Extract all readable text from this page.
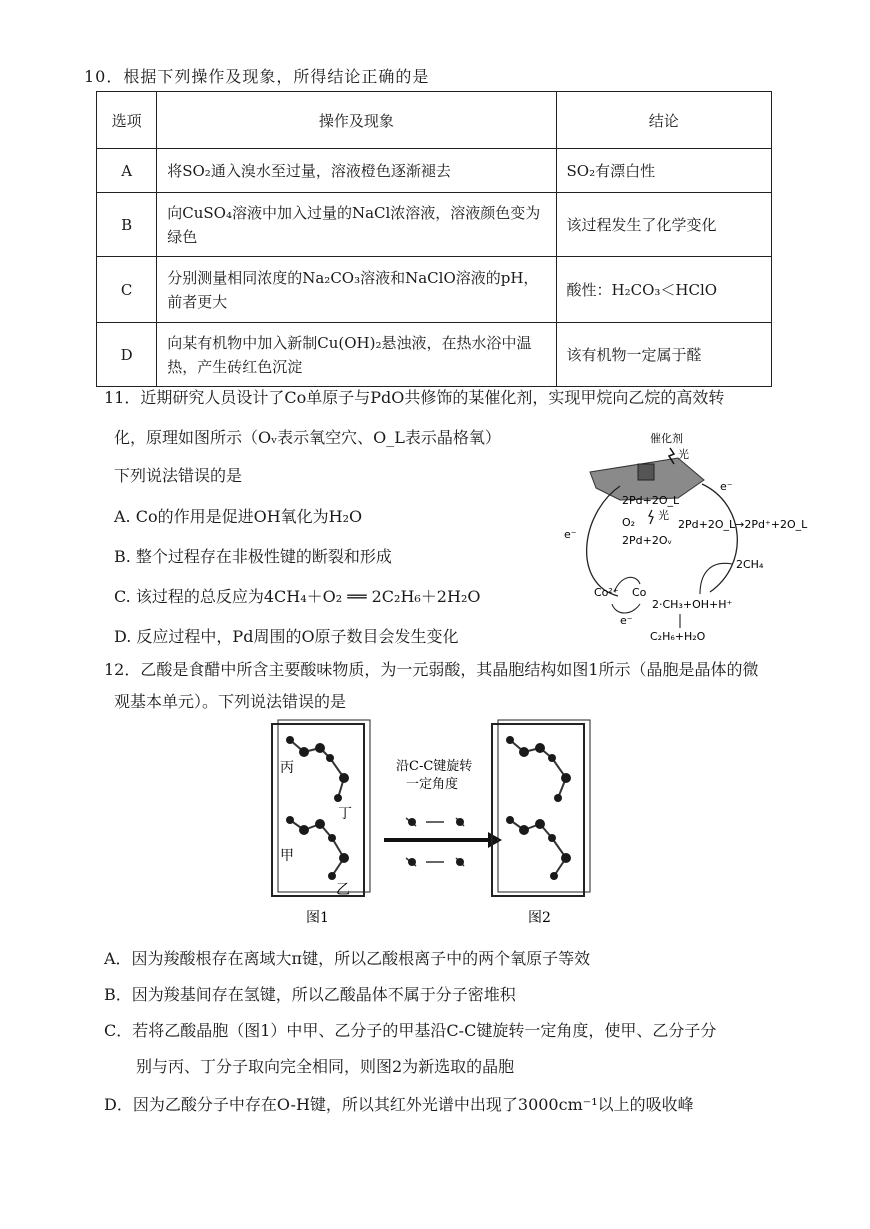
10．根据下列操作及现象，所得结论正确的是
选项	操作及现象	结论
A	将SO₂通入溴水至过量，溶液橙色逐渐褪去	SO₂有漂白性
B	向CuSO₄溶液中加入过量的NaCl浓溶液，溶液颜色变为绿色	该过程发生了化学变化
C	分别测量相同浓度的Na₂CO₃溶液和NaClO溶液的pH，前者更大	酸性：H₂CO₃＜HClO
D	向某有机物中加入新制Cu(OH)₂悬浊液，在热水浴中温热，产生砖红色沉淀	该有机物一定属于醛
11．近期研究人员设计了Co单原子与PdO共修饰的某催化剂，实现甲烷向乙烷的高效转
化，原理如图所示（Oᵥ表示氧空穴、O_L表示晶格氧）
下列说法错误的是
A. Co的作用是促进OH氧化为H₂O
B. 整个过程存在非极性键的断裂和形成
C. 该过程的总反应为4CH₄＋O₂ ══ 2C₂H₆＋2H₂O
D. 反应过程中，Pd周围的O原子数目会发生变化
催化剂
光
e⁻
e⁻
2Pd+2O_L
O₂
光
2Pd+2Oᵥ
2Pd+2O_L→2Pd⁺+2O_L
2CH₄
Co²⁺ Co
2·CH₃+OH+H⁺
C₂H₆+H₂O
e⁻
12．乙酸是食醋中所含主要酸味物质，为一元弱酸，其晶胞结构如图1所示（晶胞是晶体的微
观基本单元）。下列说法错误的是
丙
丁
甲
乙
图1
沿C-C键旋转
一定角度
图2
A．因为羧酸根存在离域大π键，所以乙酸根离子中的两个氧原子等效
B．因为羧基间存在氢键，所以乙酸晶体不属于分子密堆积
C．若将乙酸晶胞（图1）中甲、乙分子的甲基沿C-C键旋转一定角度，使甲、乙分子分
别与丙、丁分子取向完全相同，则图2为新选取的晶胞
D．因为乙酸分子中存在O-H键，所以其红外光谱中出现了3000cm⁻¹以上的吸收峰
